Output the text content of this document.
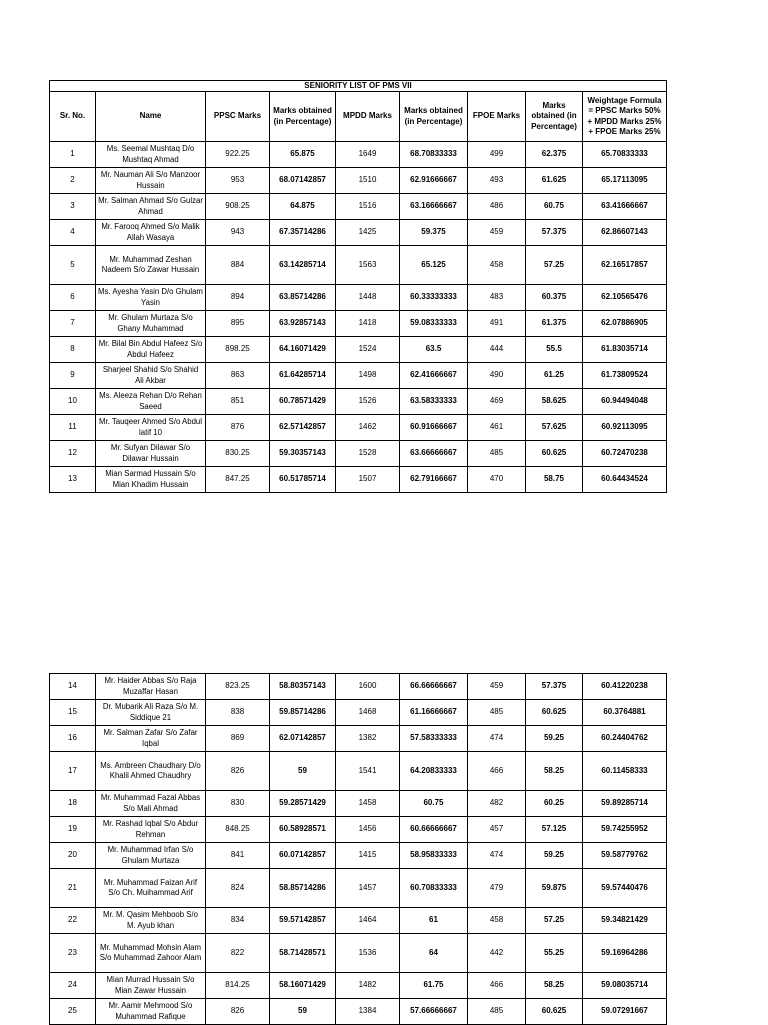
SENIORITY LIST OF PMS VII								
Sr. No.	Name	PPSC Marks	Marks obtained (in Percentage)	MPDD Marks	Marks obtained (in Percentage)	FPOE Marks	Marks obtained (in Percentage)	Weightage Formula = PPSC Marks 50% + MPDD Marks 25% + FPOE Marks 25%
1	Ms. Seemal Mushtaq D/o Mushtaq Ahmad	922.25	65.875	1649	68.70833333	499	62.375	65.70833333
2	Mr. Nauman Ali S/o Manzoor Hussain	953	68.07142857	1510	62.91666667	493	61.625	65.17113095
3	Mr. Salman Ahmad S/o Gulzar Ahmad	908.25	64.875	1516	63.16666667	486	60.75	63.41666667
4	Mr. Farooq Ahmed S/o Malik Allah Wasaya	943	67.35714286	1425	59.375	459	57.375	62.86607143
5	Mr. Muhammad Zeshan Nadeem S/o Zawar Hussain	884	63.14285714	1563	65.125	458	57.25	62.16517857
6	Ms. Ayesha Yasin D/o Ghulam Yasin	894	63.85714286	1448	60.33333333	483	60.375	62.10565476
7	Mr. Ghulam Murtaza S/o Ghany Muhammad	895	63.92857143	1418	59.08333333	491	61.375	62.07886905
8	Mr. Bilal Bin Abdul Hafeez S/o Abdul Hafeez	898.25	64.16071429	1524	63.5	444	55.5	61.83035714
9	Sharjeel Shahid S/o Shahid Ali Akbar	863	61.64285714	1498	62.41666667	490	61.25	61.73809524
10	Ms. Aleeza Rehan D/o Rehan Saeed	851	60.78571429	1526	63.58333333	469	58.625	60.94494048
11	Mr. Tauqeer Ahmed S/o Abdul latif 10	876	62.57142857	1462	60.91666667	461	57.625	60.92113095
12	Mr. Sufyan Dilawar S/o Dilawar Hussain	830.25	59.30357143	1528	63.66666667	485	60.625	60.72470238
13	Mian Sarmad Hussain S/o Mian Khadim Hussain	847.25	60.51785714	1507	62.79166667	470	58.75	60.64434524
14	Mr. Haider Abbas S/o Raja Muzaffar Hasan	823.25	58.80357143	1600	66.66666667	459	57.375	60.41220238
15	Dr. Mubarik Ali Raza S/o M. Siddique 21	838	59.85714286	1468	61.16666667	485	60.625	60.3764881
16	Mr. Salman Zafar S/o Zafar Iqbal	869	62.07142857	1382	57.58333333	474	59.25	60.24404762
17	Ms. Ambreen Chaudhary D/o Khalil Ahmed Chaudhry	826	59	1541	64.20833333	466	58.25	60.11458333
18	Mr. Muhammad Fazal Abbas S/o Mali Ahmad	830	59.28571429	1458	60.75	482	60.25	59.89285714
19	Mr. Rashad Iqbal S/o Abdur Rehman	848.25	60.58928571	1456	60.66666667	457	57.125	59.74255952
20	Mr. Muhammad Irfan S/o Ghulam Murtaza	841	60.07142857	1415	58.95833333	474	59.25	59.58779762
21	Mr. Muhammad Faizan Arif S/o Ch. Muihammad Arif	824	58.85714286	1457	60.70833333	479	59.875	59.57440476
22	Mr. M. Qasim Mehboob S/o M. Ayub khan	834	59.57142857	1464	61	458	57.25	59.34821429
23	Mr. Muhammad Mohsin Alam S/o Muhammad Zahoor Alam	822	58.71428571	1536	64	442	55.25	59.16964286
24	Mian Murrad Hussain S/o Mian Zawar Hussain	814.25	58.16071429	1482	61.75	466	58.25	59.08035714
25	Mr. Aamir Mehmood S/o Muhammad Rafique	826	59	1384	57.66666667	485	60.625	59.07291667
